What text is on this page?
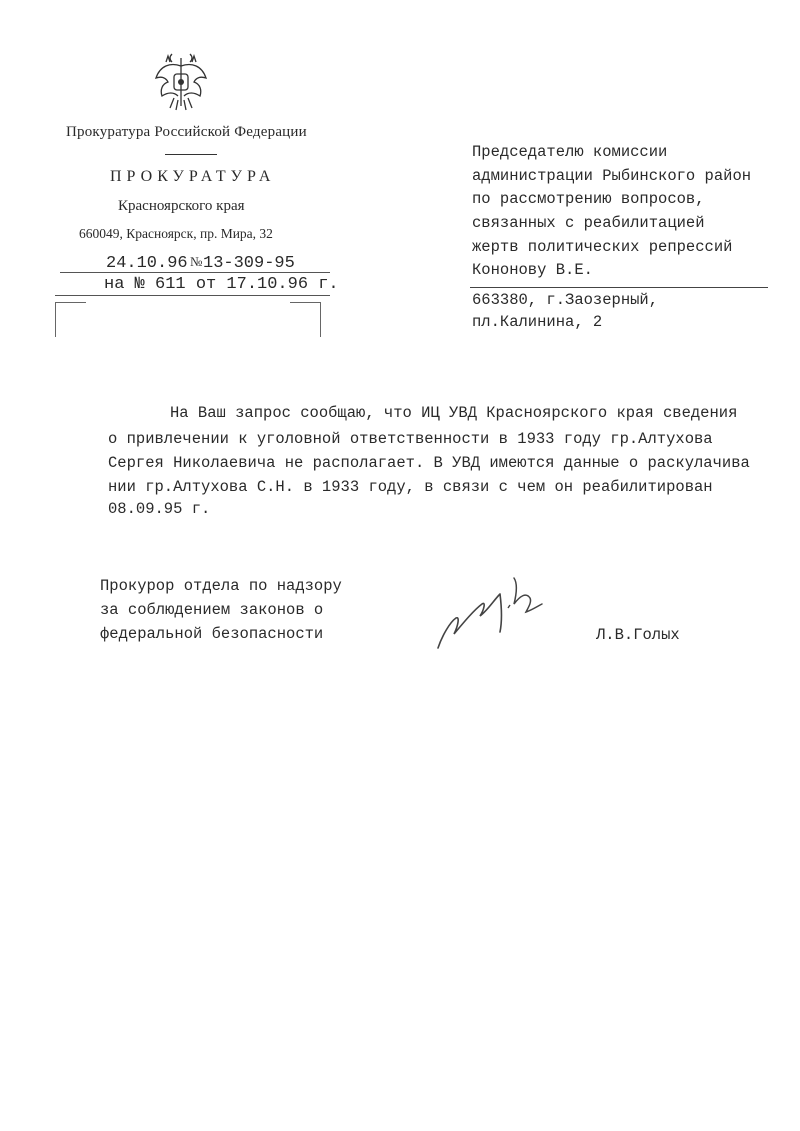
Прокуратура Российской Федерации
ПРОКУРАТУРА
Красноярского края
660049, Красноярск, пр. Мира, 32
24.10.96 № 13-309-95
на № 611 от 17.10.96 г.
Председателю комиссии
администрации Рыбинского район
по рассмотрению вопросов,
связанных с реабилитацией
жертв политических репрессий
Кононову В.Е.
663380, г.Заозерный,
пл.Калинина, 2
На Ваш запрос сообщаю, что ИЦ УВД Красноярского края сведения
о привлечении к уголовной ответственности в 1933 году гр.Алтухова
Сергея Николаевича не располагает. В УВД имеются данные о раскулачива
нии гр.Алтухова С.Н. в 1933 году, в связи с чем он реабилитирован
08.09.95 г.
Прокурор отдела по надзору
за соблюдением законов о
федеральной безопасности	Л.В.Голых
